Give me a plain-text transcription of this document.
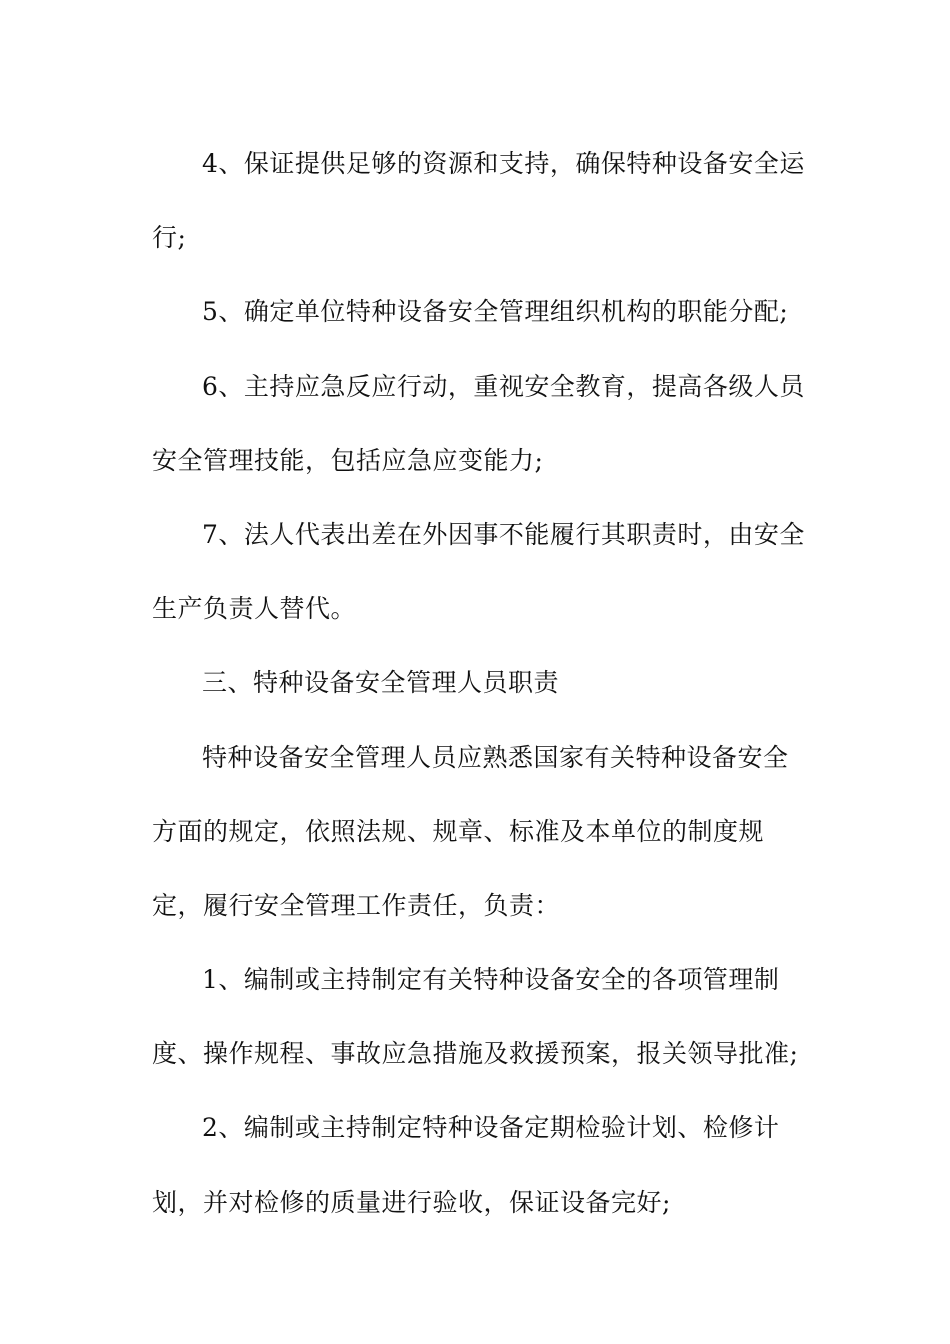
4、保证提供足够的资源和支持，确保特种设备安全运
行;
5、确定单位特种设备安全管理组织机构的职能分配;
6、主持应急反应行动，重视安全教育，提高各级人员
安全管理技能，包括应急应变能力;
7、法人代表出差在外因事不能履行其职责时，由安全
生产负责人替代。
三、特种设备安全管理人员职责
特种设备安全管理人员应熟悉国家有关特种设备安全
方面的规定，依照法规、规章、标准及本单位的制度规
定，履行安全管理工作责任，负责：
1、编制或主持制定有关特种设备安全的各项管理制
度、操作规程、事故应急措施及救援预案，报关领导批准;
2、编制或主持制定特种设备定期检验计划、检修计
划，并对检修的质量进行验收，保证设备完好;
